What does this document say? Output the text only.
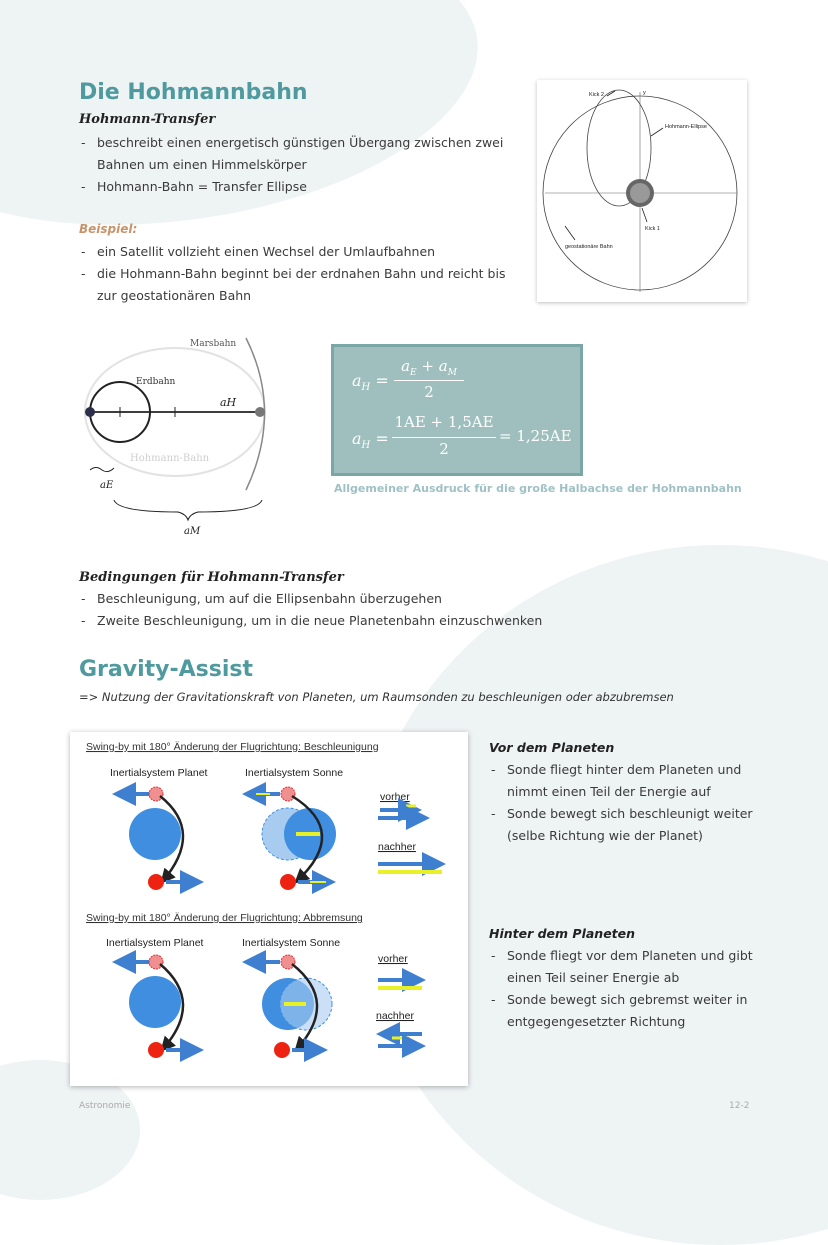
Die Hohmannbahn
Hohmann-Transfer
- beschreibt einen energetisch günstigen Übergang zwischen zwei Bahnen um einen Himmelskörper
- Hohmann-Bahn = Transfer Ellipse
Beispiel:
- ein Satellit vollzieht einen Wechsel der Umlaufbahnen
- die Hohmann-Bahn beginnt bei der erdnahen Bahn und reicht bis zur geostationären Bahn
Kick 2	y
Hohmann-Ellipse
Kick 1
geostationäre Bahn
Marsbahn
Erdbahn
Hohmann-Bahn
aH
aE
aM
$a_H$ =
$a_E + a_M$
2
$a_H$ =
1AE + 1,5AE
2
= 1,25AE
Allgemeiner Ausdruck für die große Halbachse der Hohmannbahn
Bedingungen für Hohmann-Transfer
- Beschleunigung, um auf die Ellipsenbahn überzugehen
- Zweite Beschleunigung, um in die neue Planetenbahn einzuschwenken
Gravity-Assist
=> Nutzung der Gravitationskraft von Planeten, um Raumsonden zu beschleunigen oder abzubremsen
Swing-by mit 180° Änderung der Flugrichtung: Beschleunigung
Inertialsystem Planet	Inertialsystem Sonne
vorher
nachher
Swing-by mit 180° Änderung der Flugrichtung: Abbremsung
Inertialsystem Planet	Inertialsystem Sonne
vorher
nachher
Vor dem Planeten
- Sonde fliegt hinter dem Planeten und nimmt einen Teil der Energie auf
- Sonde bewegt sich beschleunigt weiter (selbe Richtung wie der Planet)
Hinter dem Planeten
- Sonde fliegt vor dem Planeten und gibt einen Teil seiner Energie ab
- Sonde bewegt sich gebremst weiter in entgegengesetzter Richtung
Astronomie	12-2
